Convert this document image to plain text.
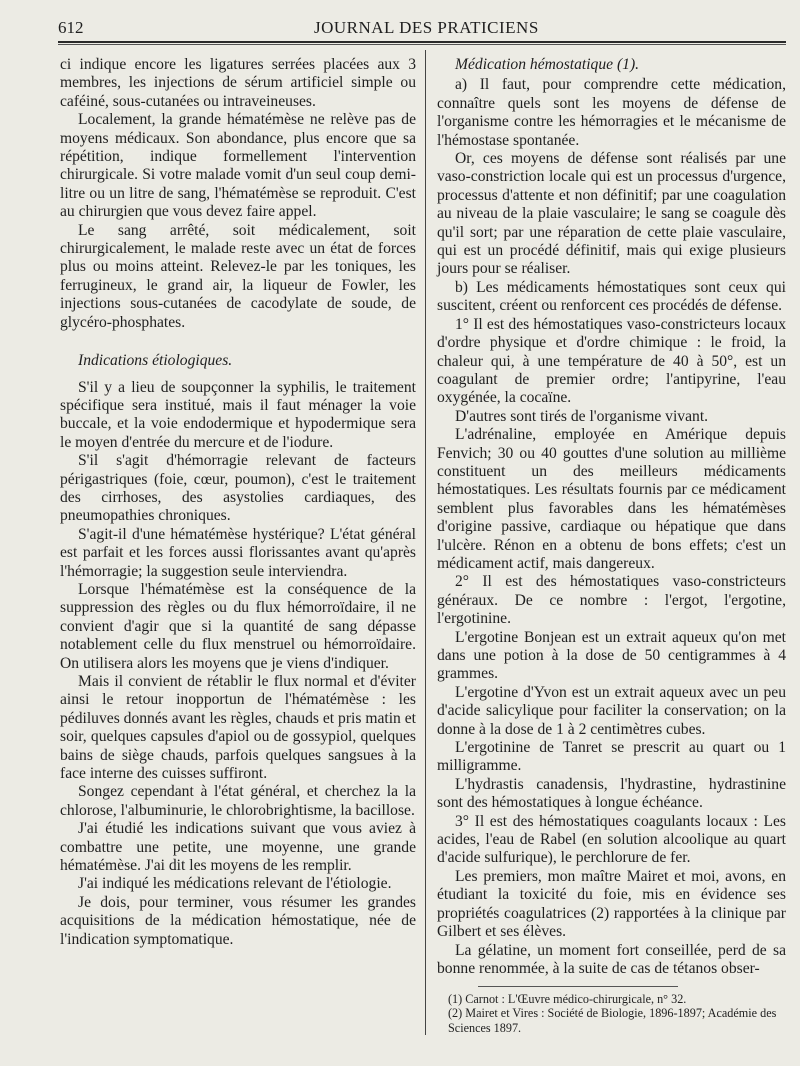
612	JOURNAL DES PRATICIENS

ci indique encore les ligatures serrées placées aux 3 membres, les injections de sérum artificiel simple ou caféiné, sous-cutanées ou intraveineuses.

Localement, la grande hématémèse ne relève pas de moyens médicaux. Son abondance, plus encore que sa répétition, indique formellement l'intervention chirurgicale. Si votre malade vomit d'un seul coup demi-litre ou un litre de sang, l'hématémèse se reproduit. C'est au chirurgien que vous devez faire appel.

Le sang arrêté, soit médicalement, soit chirurgicalement, le malade reste avec un état de forces plus ou moins atteint. Relevez-le par les toniques, les ferrugineux, le grand air, la liqueur de Fowler, les injections sous-cutanées de cacodylate de soude, de glycéro-phosphates.

Indications étiologiques.

S'il y a lieu de soupçonner la syphilis, le traitement spécifique sera institué, mais il faut ménager la voie buccale, et la voie endodermique et hypodermique sera le moyen d'entrée du mercure et de l'iodure.

S'il s'agit d'hémorragie relevant de facteurs périgastriques (foie, cœur, poumon), c'est le traitement des cirrhoses, des asystolies cardiaques, des pneumopathies chroniques.

S'agit-il d'une hématémèse hystérique? L'état général est parfait et les forces aussi florissantes avant qu'après l'hémorragie; la suggestion seule interviendra.

Lorsque l'hématémèse est la conséquence de la suppression des règles ou du flux hémorroïdaire, il ne convient d'agir que si la quantité de sang dépasse notablement celle du flux menstruel ou hémorroïdaire. On utilisera alors les moyens que je viens d'indiquer.

Mais il convient de rétablir le flux normal et d'éviter ainsi le retour inopportun de l'hématémèse : les pédiluves donnés avant les règles, chauds et pris matin et soir, quelques capsules d'apiol ou de gossypiol, quelques bains de siège chauds, parfois quelques sangsues à la face interne des cuisses suffiront.

Songez cependant à l'état général, et cherchez la la chlorose, l'albuminurie, le chlorobrightisme, la bacillose.

J'ai étudié les indications suivant que vous aviez à combattre une petite, une moyenne, une grande hématémèse. J'ai dit les moyens de les remplir.

J'ai indiqué les médications relevant de l'étiologie.

Je dois, pour terminer, vous résumer les grandes acquisitions de la médication hémostatique, née de l'indication symptomatique.

Médication hémostatique (1).

a) Il faut, pour comprendre cette médication, connaître quels sont les moyens de défense de l'organisme contre les hémorragies et le mécanisme de l'hémostase spontanée.

Or, ces moyens de défense sont réalisés par une vaso-constriction locale qui est un processus d'urgence, processus d'attente et non définitif; par une coagulation au niveau de la plaie vasculaire; le sang se coagule dès qu'il sort; par une réparation de cette plaie vasculaire, qui est un procédé définitif, mais qui exige plusieurs jours pour se réaliser.

b) Les médicaments hémostatiques sont ceux qui suscitent, créent ou renforcent ces procédés de défense.

1° Il est des hémostatiques vaso-constricteurs locaux d'ordre physique et d'ordre chimique : le froid, la chaleur qui, à une température de 40 à 50°, est un coagulant de premier ordre; l'antipyrine, l'eau oxygénée, la cocaïne.

D'autres sont tirés de l'organisme vivant.

L'adrénaline, employée en Amérique depuis Fenvich; 30 ou 40 gouttes d'une solution au millième constituent un des meilleurs médicaments hémostatiques. Les résultats fournis par ce médicament semblent plus favorables dans les hématémèses d'origine passive, cardiaque ou hépatique que dans l'ulcère. Rénon en a obtenu de bons effets; c'est un médicament actif, mais dangereux.

2° Il est des hémostatiques vaso-constricteurs généraux. De ce nombre : l'ergot, l'ergotine, l'ergotinine.

L'ergotine Bonjean est un extrait aqueux qu'on met dans une potion à la dose de 50 centigrammes à 4 grammes.

L'ergotine d'Yvon est un extrait aqueux avec un peu d'acide salicylique pour faciliter la conservation; on la donne à la dose de 1 à 2 centimètres cubes.

L'ergotinine de Tanret se prescrit au quart ou 1 milligramme.

L'hydrastis canadensis, l'hydrastine, hydrastinine sont des hémostatiques à longue échéance.

3° Il est des hémostatiques coagulants locaux : Les acides, l'eau de Rabel (en solution alcoolique au quart d'acide sulfurique), le perchlorure de fer.

Les premiers, mon maître Mairet et moi, avons, en étudiant la toxicité du foie, mis en évidence ses propriétés coagulatrices (2) rapportées à la clinique par Gilbert et ses élèves.

La gélatine, un moment fort conseillée, perd de sa bonne renommée, à la suite de cas de tétanos obser-

(1) Carnot : L'Œuvre médico-chirurgicale, n° 32.
(2) Mairet et Vires : Société de Biologie, 1896-1897; Académie des Sciences 1897.
